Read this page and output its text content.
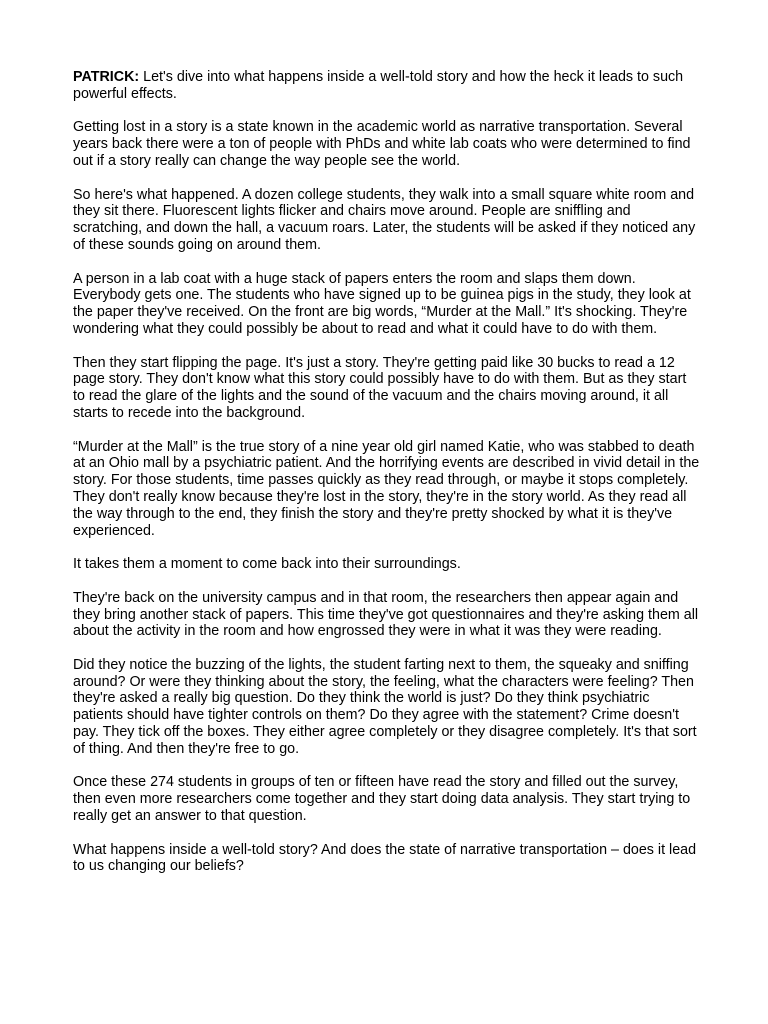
PATRICK: Let's dive into what happens inside a well-told story and how the heck it leads to such powerful effects.

Getting lost in a story is a state known in the academic world as narrative transportation. Several years back there were a ton of people with PhDs and white lab coats who were determined to find out if a story really can change the way people see the world.

So here's what happened. A dozen college students, they walk into a small square white room and they sit there. Fluorescent lights flicker and chairs move around. People are sniffling and scratching, and down the hall, a vacuum roars. Later, the students will be asked if they noticed any of these sounds going on around them.

A person in a lab coat with a huge stack of papers enters the room and slaps them down. Everybody gets one. The students who have signed up to be guinea pigs in the study, they look at the paper they've received. On the front are big words, “Murder at the Mall.” It's shocking. They're wondering what they could possibly be about to read and what it could have to do with them.

Then they start flipping the page. It's just a story. They're getting paid like 30 bucks to read a 12 page story. They don't know what this story could possibly have to do with them. But as they start to read the glare of the lights and the sound of the vacuum and the chairs moving around, it all starts to recede into the background.

“Murder at the Mall” is the true story of a nine year old girl named Katie, who was stabbed to death at an Ohio mall by a psychiatric patient. And the horrifying events are described in vivid detail in the story. For those students, time passes quickly as they read through, or maybe it stops completely. They don't really know because they're lost in the story, they're in the story world. As they read all the way through to the end, they finish the story and they're pretty shocked by what it is they've experienced.

It takes them a moment to come back into their surroundings.

They're back on the university campus and in that room, the researchers then appear again and they bring another stack of papers. This time they've got questionnaires and they're asking them all about the activity in the room and how engrossed they were in what it was they were reading.

Did they notice the buzzing of the lights, the student farting next to them, the squeaky and sniffing around? Or were they thinking about the story, the feeling, what the characters were feeling? Then they're asked a really big question. Do they think the world is just? Do they think psychiatric patients should have tighter controls on them? Do they agree with the statement? Crime doesn't pay. They tick off the boxes. They either agree completely or they disagree completely. It's that sort of thing. And then they're free to go.

Once these 274 students in groups of ten or fifteen have read the story and filled out the survey, then even more researchers come together and they start doing data analysis. They start trying to really get an answer to that question.

What happens inside a well-told story? And does the state of narrative transportation – does it lead to us changing our beliefs?
